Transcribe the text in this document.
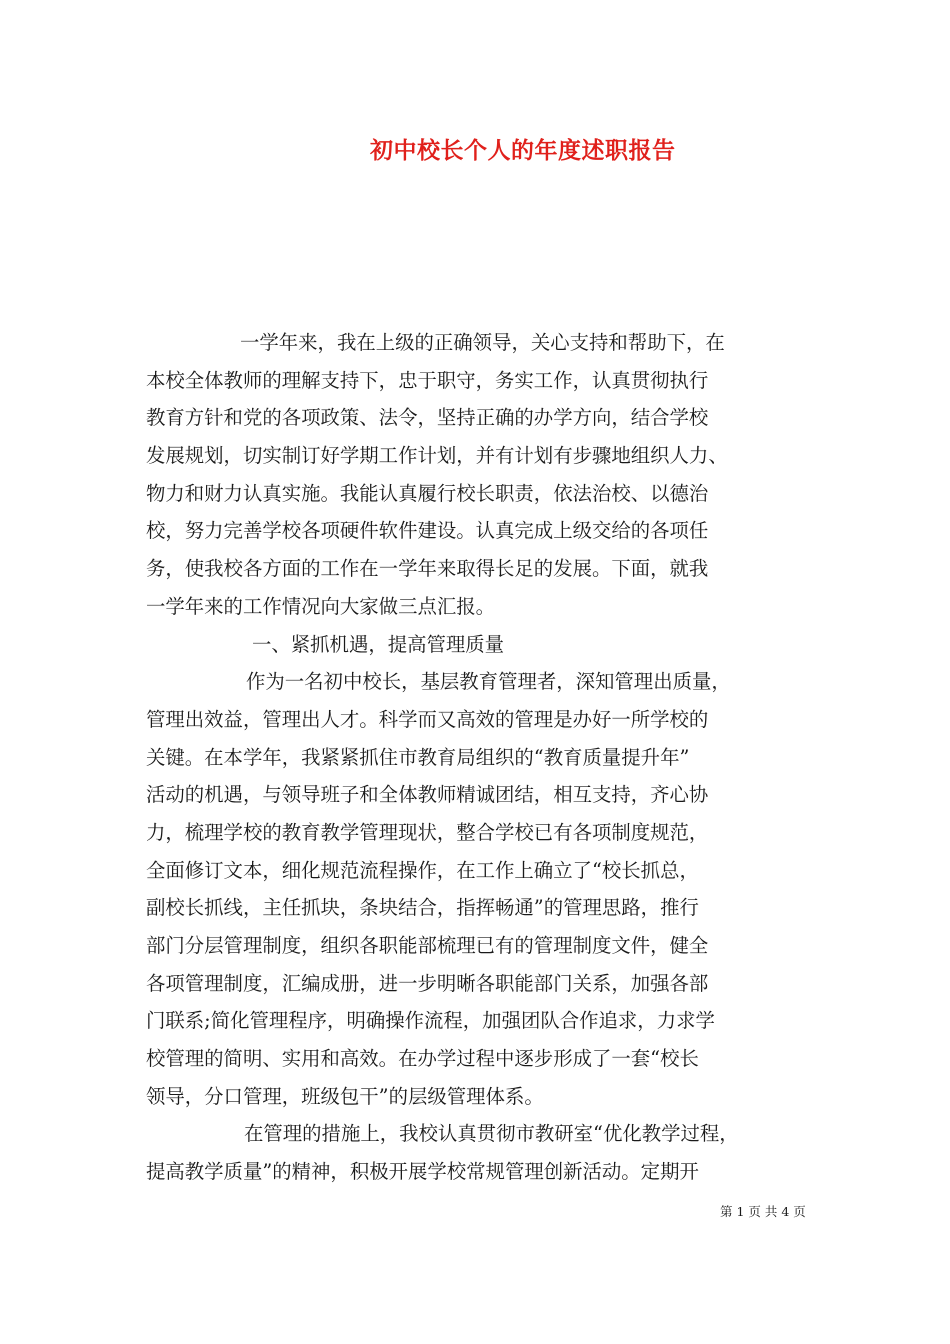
初中校长个人的年度述职报告
一学年来，我在上级的正确领导，关心支持和帮助下，在
本校全体教师的理解支持下，忠于职守，务实工作，认真贯彻执行
教育方针和党的各项政策、法令，坚持正确的办学方向，结合学校
发展规划，切实制订好学期工作计划，并有计划有步骤地组织人力、
物力和财力认真实施。我能认真履行校长职责，依法治校、以德治
校，努力完善学校各项硬件软件建设。认真完成上级交给的各项任
务，使我校各方面的工作在一学年来取得长足的发展。下面，就我
一学年来的工作情况向大家做三点汇报。
一、紧抓机遇，提高管理质量
作为一名初中校长，基层教育管理者，深知管理出质量，
管理出效益，管理出人才。科学而又高效的管理是办好一所学校的
关键。在本学年，我紧紧抓住市教育局组织的“教育质量提升年”
活动的机遇，与领导班子和全体教师精诚团结，相互支持，齐心协
力，梳理学校的教育教学管理现状，整合学校已有各项制度规范，
全面修订文本，细化规范流程操作，在工作上确立了“校长抓总，
副校长抓线，主任抓块，条块结合，指挥畅通”的管理思路，推行
部门分层管理制度，组织各职能部梳理已有的管理制度文件，健全
各项管理制度，汇编成册，进一步明晰各职能部门关系，加强各部
门联系;简化管理程序，明确操作流程，加强团队合作追求，力求学
校管理的简明、实用和高效。在办学过程中逐步形成了一套“校长
领导，分口管理，班级包干”的层级管理体系。
在管理的措施上，我校认真贯彻市教研室“优化教学过程，
提高教学质量”的精神，积极开展学校常规管理创新活动。定期开
第 1 页 共 4 页
